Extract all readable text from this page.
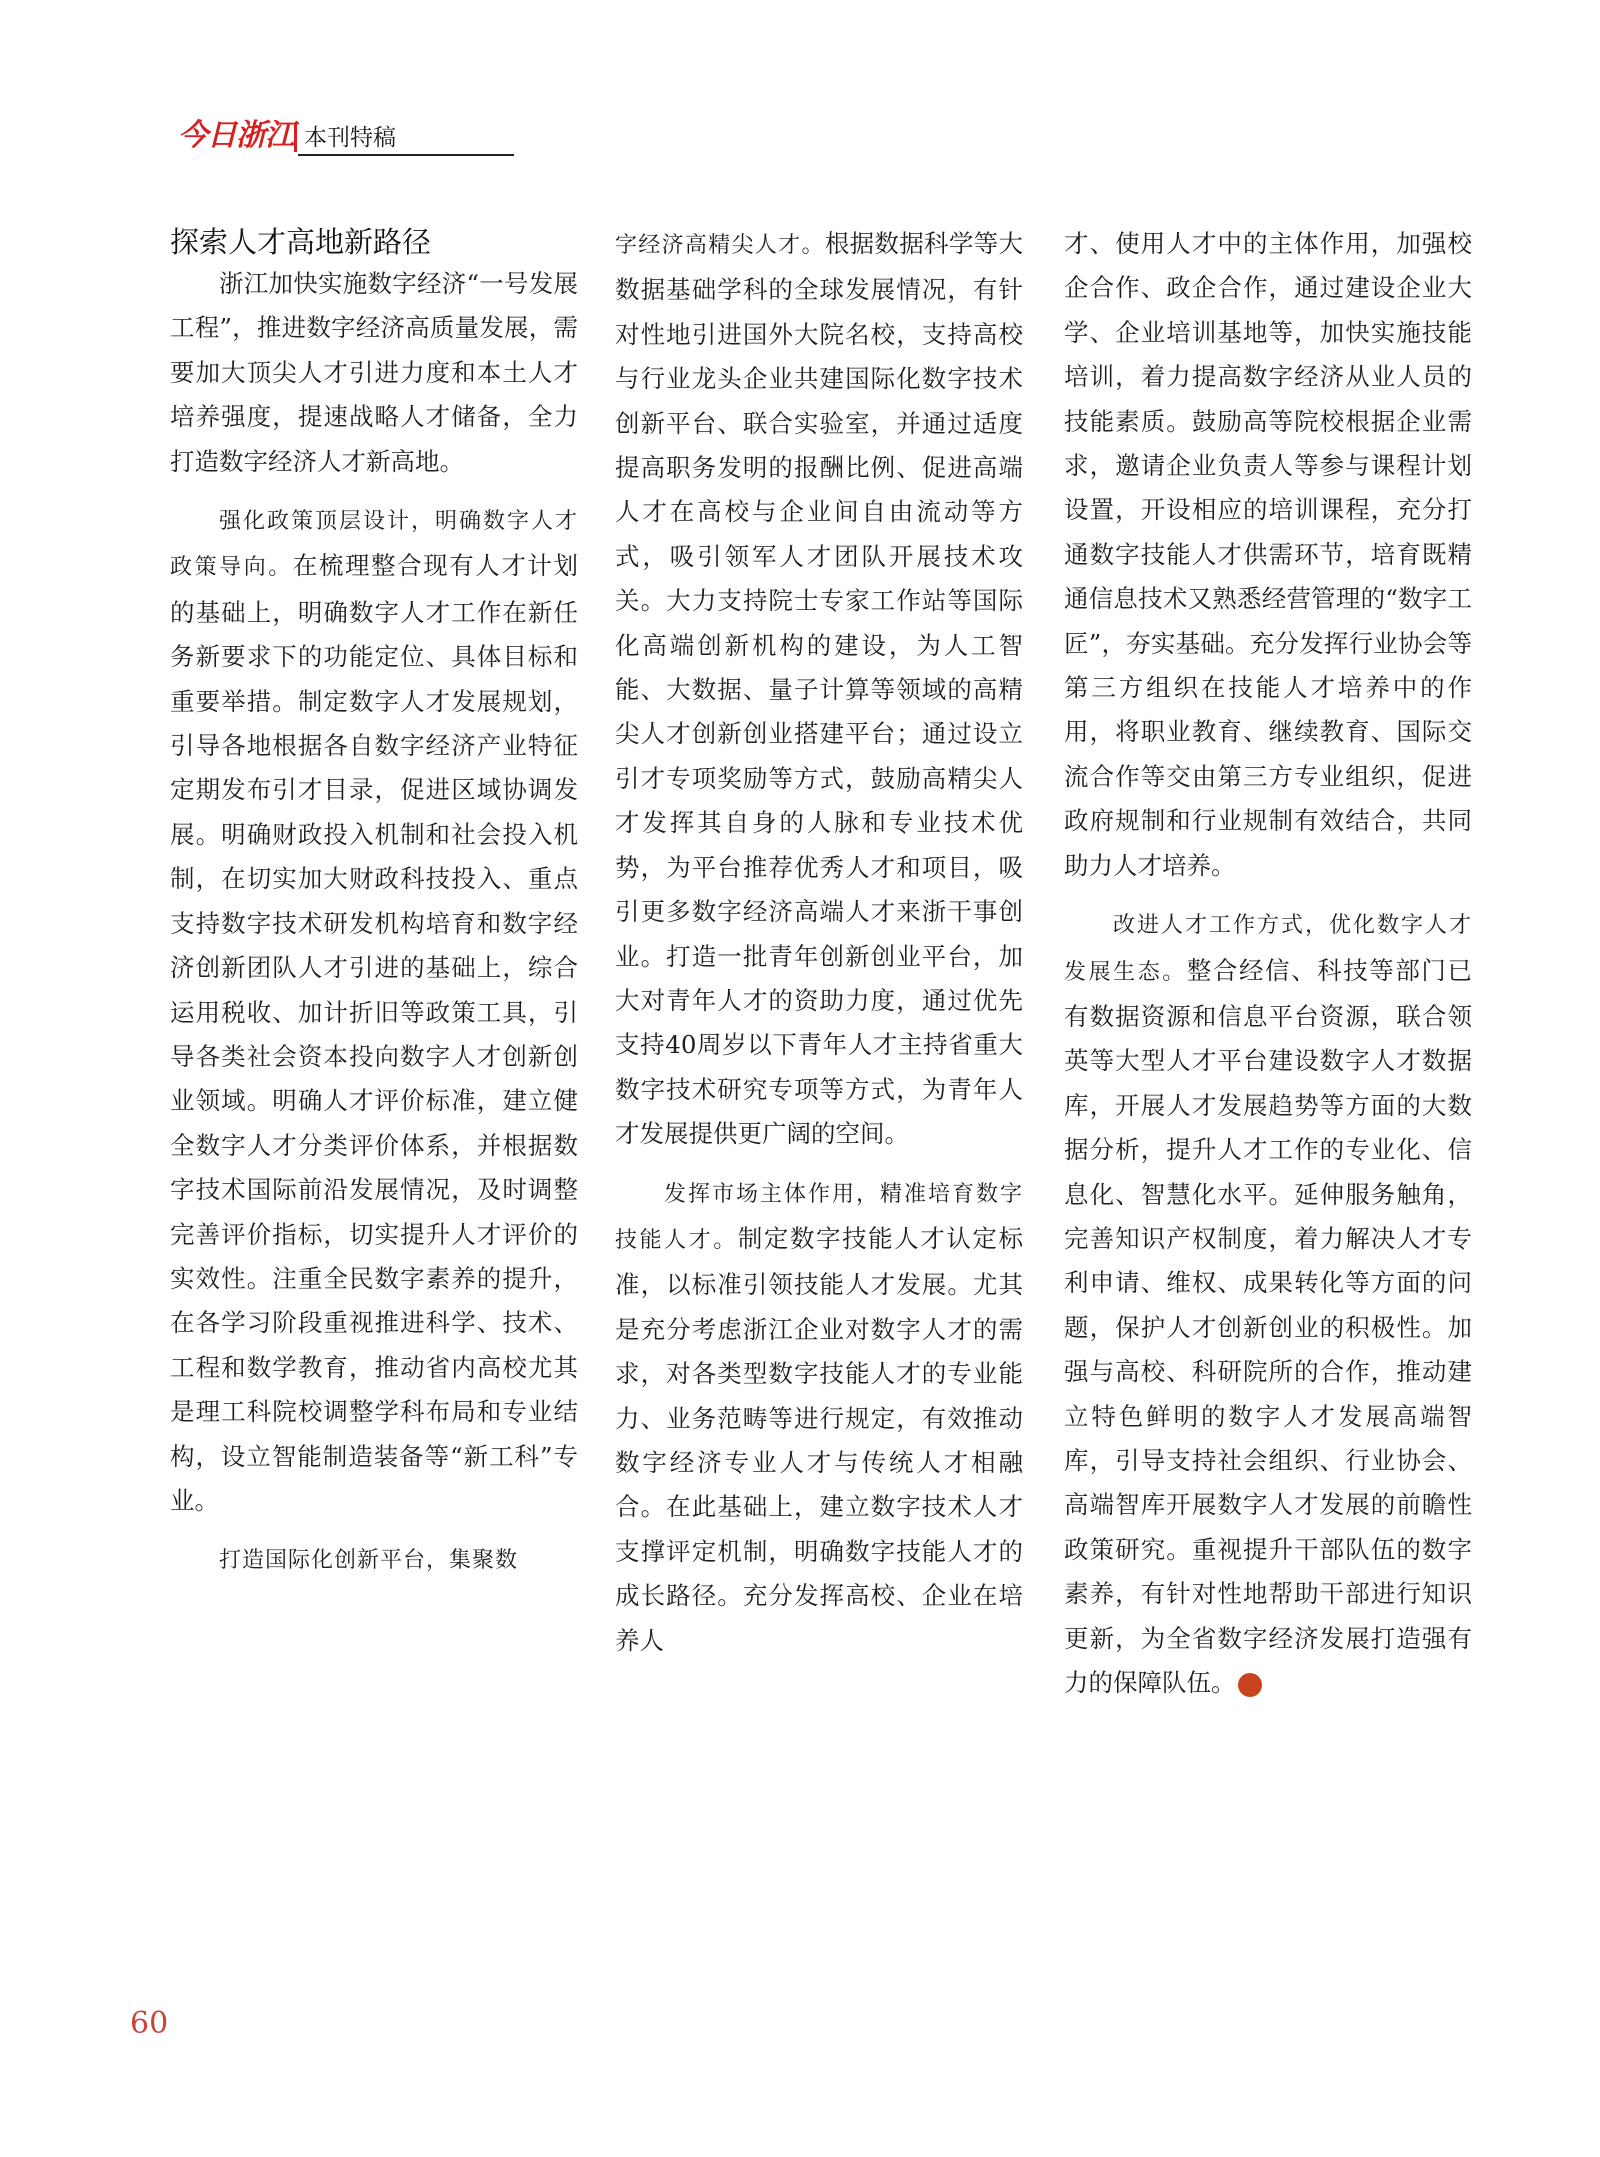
今日浙江 本刊特稿

探索人才高地新路径

浙江加快实施数字经济“一号发展工程”，推进数字经济高质量发展，需要加大顶尖人才引进力度和本土人才培养强度，提速战略人才储备，全力打造数字经济人才新高地。

强化政策顶层设计，明确数字人才政策导向。在梳理整合现有人才计划的基础上，明确数字人才工作在新任务新要求下的功能定位、具体目标和重要举措。制定数字人才发展规划，引导各地根据各自数字经济产业特征定期发布引才目录，促进区域协调发展。明确财政投入机制和社会投入机制，在切实加大财政科技投入、重点支持数字技术研发机构培育和数字经济创新团队人才引进的基础上，综合运用税收、加计折旧等政策工具，引导各类社会资本投向数字人才创新创业领域。明确人才评价标准，建立健全数字人才分类评价体系，并根据数字技术国际前沿发展情况，及时调整完善评价指标，切实提升人才评价的实效性。注重全民数字素养的提升，在各学习阶段重视推进科学、技术、工程和数学教育，推动省内高校尤其是理工科院校调整学科布局和专业结构，设立智能制造装备等“新工科”专业。

打造国际化创新平台，集聚数

字经济高精尖人才。根据数据科学等大数据基础学科的全球发展情况，有针对性地引进国外大院名校，支持高校与行业龙头企业共建国际化数字技术创新平台、联合实验室，并通过适度提高职务发明的报酬比例、促进高端人才在高校与企业间自由流动等方式，吸引领军人才团队开展技术攻关。大力支持院士专家工作站等国际化高端创新机构的建设，为人工智能、大数据、量子计算等领域的高精尖人才创新创业搭建平台；通过设立引才专项奖励等方式，鼓励高精尖人才发挥其自身的人脉和专业技术优势，为平台推荐优秀人才和项目，吸引更多数字经济高端人才来浙干事创业。打造一批青年创新创业平台，加大对青年人才的资助力度，通过优先支持40周岁以下青年人才主持省重大数字技术研究专项等方式，为青年人才发展提供更广阔的空间。

发挥市场主体作用，精准培育数字技能人才。制定数字技能人才认定标准，以标准引领技能人才发展。尤其是充分考虑浙江企业对数字人才的需求，对各类型数字技能人才的专业能力、业务范畴等进行规定，有效推动数字经济专业人才与传统人才相融合。在此基础上，建立数字技术人才支撑评定机制，明确数字技能人才的成长路径。充分发挥高校、企业在培养人

才、使用人才中的主体作用，加强校企合作、政企合作，通过建设企业大学、企业培训基地等，加快实施技能培训，着力提高数字经济从业人员的技能素质。鼓励高等院校根据企业需求，邀请企业负责人等参与课程计划设置，开设相应的培训课程，充分打通数字技能人才供需环节，培育既精通信息技术又熟悉经营管理的“数字工匠”，夯实基础。充分发挥行业协会等第三方组织在技能人才培养中的作用，将职业教育、继续教育、国际交流合作等交由第三方专业组织，促进政府规制和行业规制有效结合，共同助力人才培养。

改进人才工作方式，优化数字人才发展生态。整合经信、科技等部门已有数据资源和信息平台资源，联合领英等大型人才平台建设数字人才数据库，开展人才发展趋势等方面的大数据分析，提升人才工作的专业化、信息化、智慧化水平。延伸服务触角，完善知识产权制度，着力解决人才专利申请、维权、成果转化等方面的问题，保护人才创新创业的积极性。加强与高校、科研院所的合作，推动建立特色鲜明的数字人才发展高端智库，引导支持社会组织、行业协会、高端智库开展数字人才发展的前瞻性政策研究。重视提升干部队伍的数字素养，有针对性地帮助干部进行知识更新，为全省数字经济发展打造强有力的保障队伍。	今

60
